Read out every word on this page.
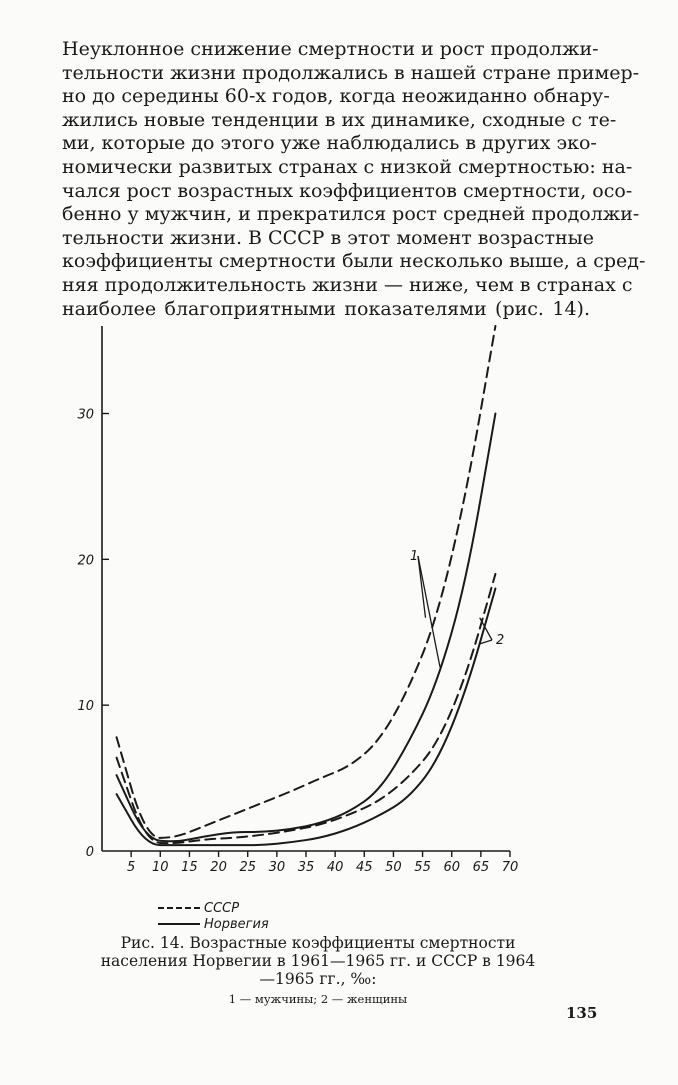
Неуклонное снижение смертности и рост продолжи-
тельности жизни продолжались в нашей стране пример-
но до середины 60-х годов, когда неожиданно обнару-
жились новые тенденции в их динамике, сходные с те-
ми, которые до этого уже наблюдались в других эко-
номически развитых странах с низкой смертностью: на-
чался рост возрастных коэффициентов смертности, осо-
бенно у мужчин, и прекратился рост средней продолжи-
тельности жизни. В СССР в этот момент возрастные
коэффициенты смертности были несколько выше, а сред-
няя продолжительность жизни — ниже, чем в странах с
наиболее благоприятными показателями (рис. 14).
0
10
20
30
5 10 15 20 25 30 35 40 45 50 55 60 65 70
1
2
СССР
Норвегия
Рис. 14. Возрастные коэффициенты смертности населения Норвегии в 1961—1965 гг. и СССР в 1964—1965 гг., ‰:
1 — мужчины; 2 — женщины
135
